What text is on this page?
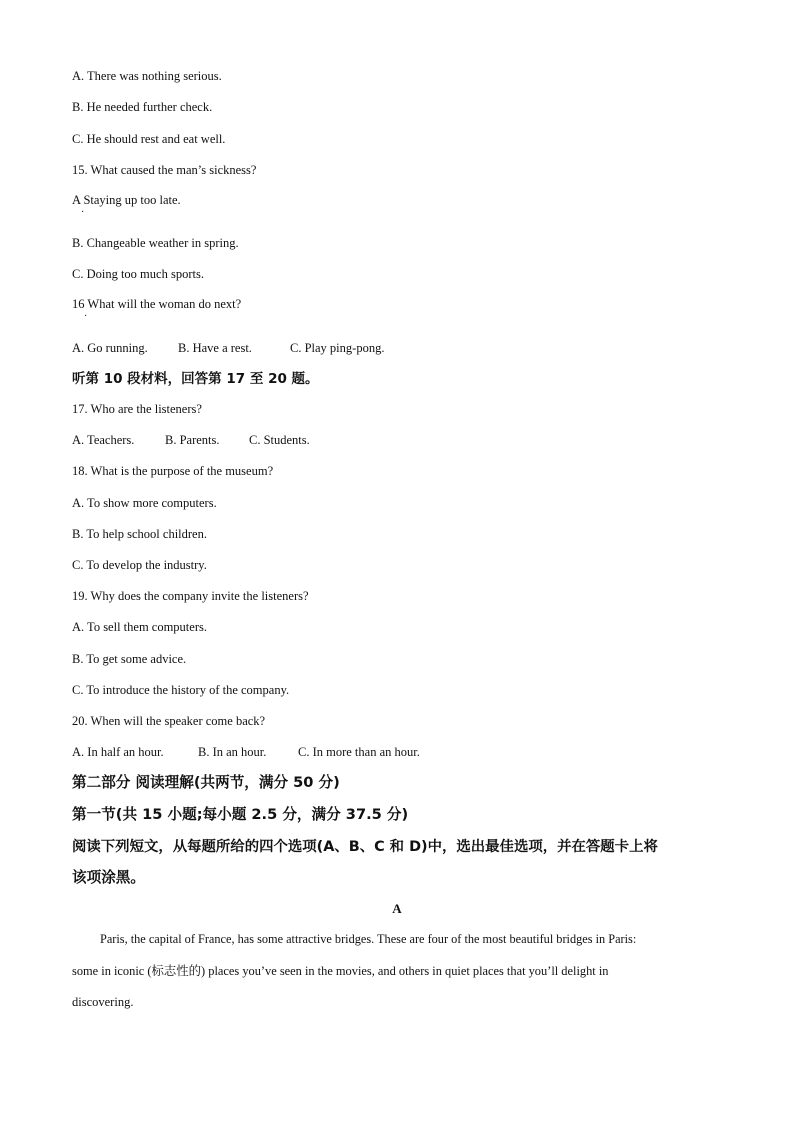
A. There was nothing serious.
B. He needed further check.
C. He should rest and eat well.
15. What caused the man’s sickness?
A Staying up too late.
·
B. Changeable weather in spring.
C. Doing too much sports.
16 What will the woman do next?
·
A. Go running. B. Have a rest.	C. Play ping-pong.
听第 10 段材料，回答第 17 至 20 题。
17. Who are the listeners?
A. Teachers. B. Parents. C. Students.
18. What is the purpose of the museum?
A. To show more computers.
B. To help school children.
C. To develop the industry.
19. Why does the company invite the listeners?
A. To sell them computers.
B. To get some advice.
C. To introduce the history of the company.
20. When will the speaker come back?
A. In half an hour.	B. In an hour.	C. In more than an hour.
第二部分 阅读理解(共两节，满分 50 分)
第一节(共 15 小题;每小题 2.5 分，满分 37.5 分)
阅读下列短文，从每题所给的四个选项(A、B、C 和 D)中，选出最佳选项，并在答题卡上将
该项涂黑。
A
Paris, the capital of France, has some attractive bridges. These are four of the most beautiful bridges in Paris:
some in iconic (标志性的) places you’ve seen in the movies, and others in quiet places that you’ll delight in
discovering.
